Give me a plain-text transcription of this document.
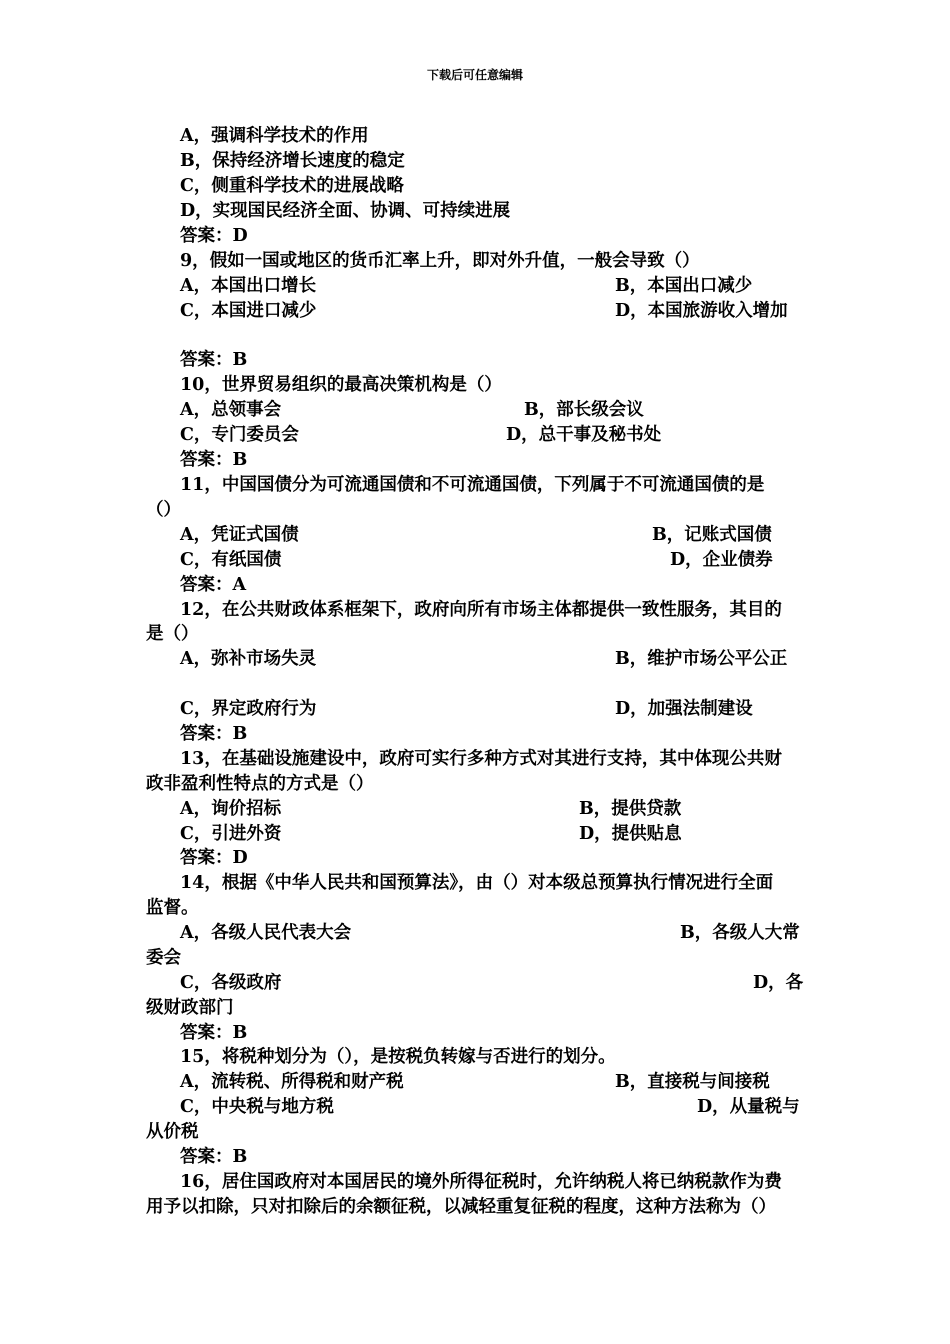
下载后可任意编辑
A，强调科学技术的作用
B，保持经济增长速度的稳定
C，侧重科学技术的进展战略
D，实现国民经济全面、协调、可持续进展
答案：D
9，假如一国或地区的货币汇率上升，即对外升值，一般会导致（）
A，本国出口增长	B，本国出口减少
C，本国进口减少	D，本国旅游收入增加
答案：B
10，世界贸易组织的最高决策机构是（）
A，总领事会	B，部长级会议
C，专门委员会	D，总干事及秘书处
答案：B
11，中国国债分为可流通国债和不可流通国债，下列属于不可流通国债的是
（）
A，凭证式国债	B，记账式国债
C，有纸国债	D，企业债券
答案：A
12，在公共财政体系框架下，政府向所有市场主体都提供一致性服务，其目的
是（）
A，弥补市场失灵	B，维护市场公平公正
C，界定政府行为	D，加强法制建设
答案：B
13，在基础设施建设中，政府可实行多种方式对其进行支持，其中体现公共财
政非盈利性特点的方式是（）
A，询价招标	B，提供贷款
C，引进外资	D，提供贴息
答案：D
14，根据《中华人民共和国预算法》，由（）对本级总预算执行情况进行全面
监督。
A，各级人民代表大会	B，各级人大常
委会
C，各级政府	D，各
级财政部门
答案：B
15，将税种划分为（），是按税负转嫁与否进行的划分。
A，流转税、所得税和财产税	B，直接税与间接税
C，中央税与地方税	D，从量税与
从价税
答案：B
16，居住国政府对本国居民的境外所得征税时，允许纳税人将已纳税款作为费
用予以扣除，只对扣除后的余额征税，以减轻重复征税的程度，这种方法称为（）
